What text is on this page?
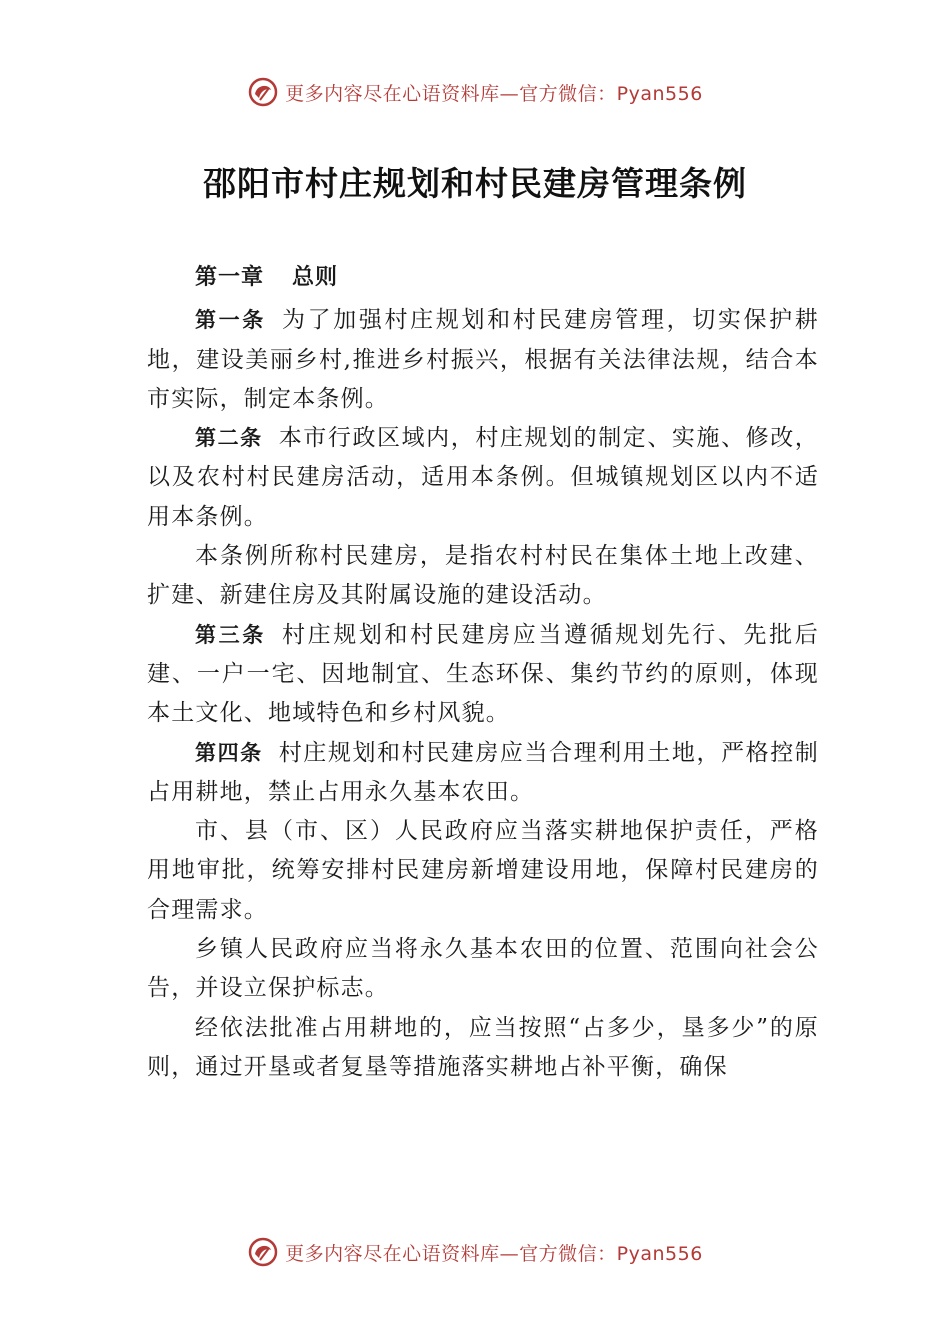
更多内容尽在心语资料库—官方微信：Pyan556
邵阳市村庄规划和村民建房管理条例

第一章 总则

第一条 为了加强村庄规划和村民建房管理，切实保护耕地，建设美丽乡村,推进乡村振兴，根据有关法律法规，结合本市实际，制定本条例。

第二条 本市行政区域内，村庄规划的制定、实施、修改，以及农村村民建房活动，适用本条例。但城镇规划区以内不适用本条例。

本条例所称村民建房，是指农村村民在集体土地上改建、扩建、新建住房及其附属设施的建设活动。

第三条 村庄规划和村民建房应当遵循规划先行、先批后建、一户一宅、因地制宜、生态环保、集约节约的原则，体现本土文化、地域特色和乡村风貌。

第四条 村庄规划和村民建房应当合理利用土地，严格控制占用耕地，禁止占用永久基本农田。

市、县（市、区）人民政府应当落实耕地保护责任，严格用地审批，统筹安排村民建房新增建设用地，保障村民建房的合理需求。

乡镇人民政府应当将永久基本农田的位置、范围向社会公告，并设立保护标志。

经依法批准占用耕地的，应当按照“占多少，垦多少”的原则，通过开垦或者复垦等措施落实耕地占补平衡，确保

更多内容尽在心语资料库—官方微信：Pyan556
